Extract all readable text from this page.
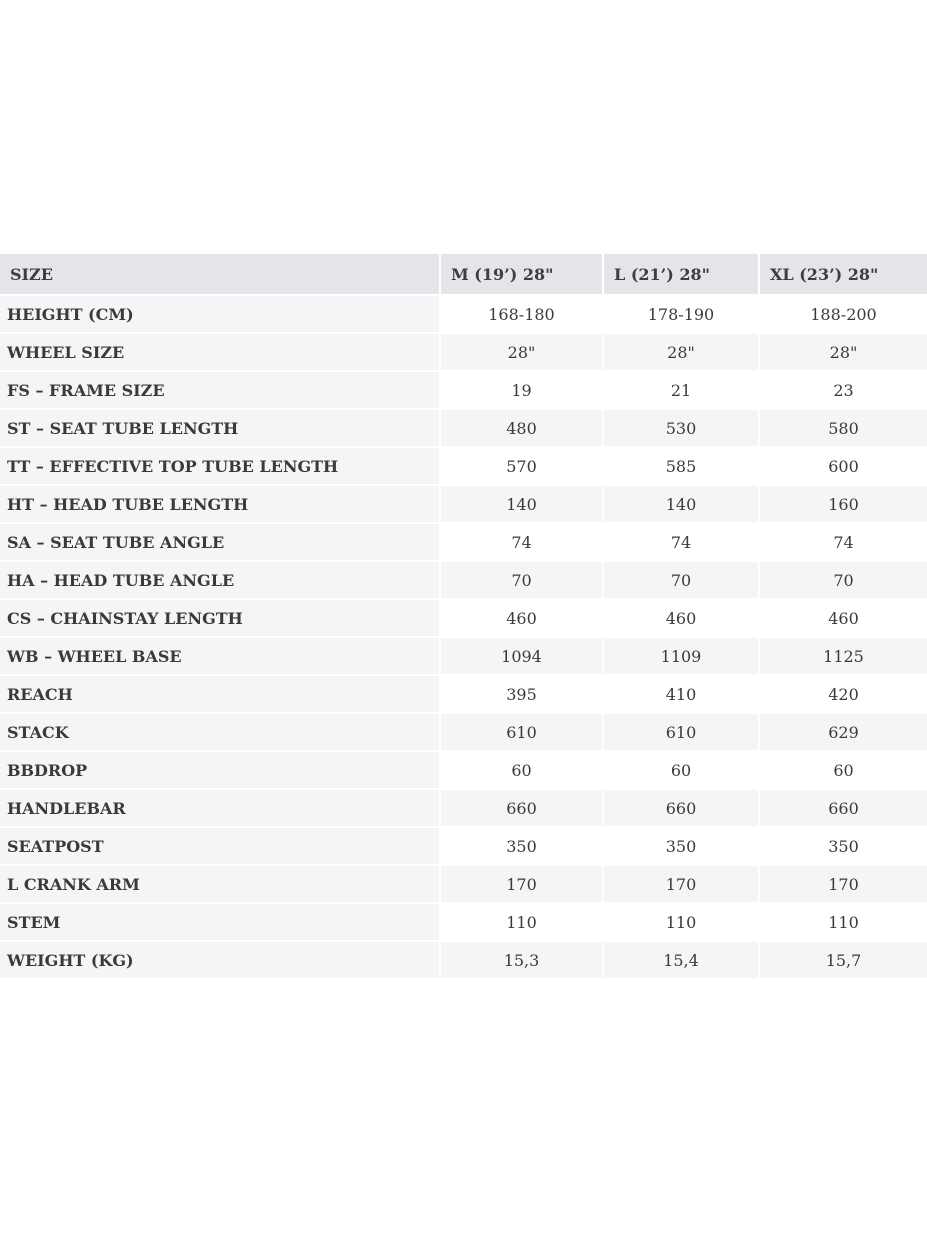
SIZE	M (19’) 28"	L (21’) 28"	XL (23’) 28"
HEIGHT (CM)	168-180	178-190	188-200
WHEEL SIZE	28"	28"	28"
FS – FRAME SIZE	19	21	23
ST – SEAT TUBE LENGTH	480	530	580
TT – EFFECTIVE TOP TUBE LENGTH	570	585	600
HT – HEAD TUBE LENGTH	140	140	160
SA – SEAT TUBE ANGLE	74	74	74
HA – HEAD TUBE ANGLE	70	70	70
CS – CHAINSTAY LENGTH	460	460	460
WB – WHEEL BASE	1094	1109	1125
REACH	395	410	420
STACK	610	610	629
BBDROP	60	60	60
HANDLEBAR	660	660	660
SEATPOST	350	350	350
L CRANK ARM	170	170	170
STEM	110	110	110
WEIGHT (KG)	15,3	15,4	15,7
